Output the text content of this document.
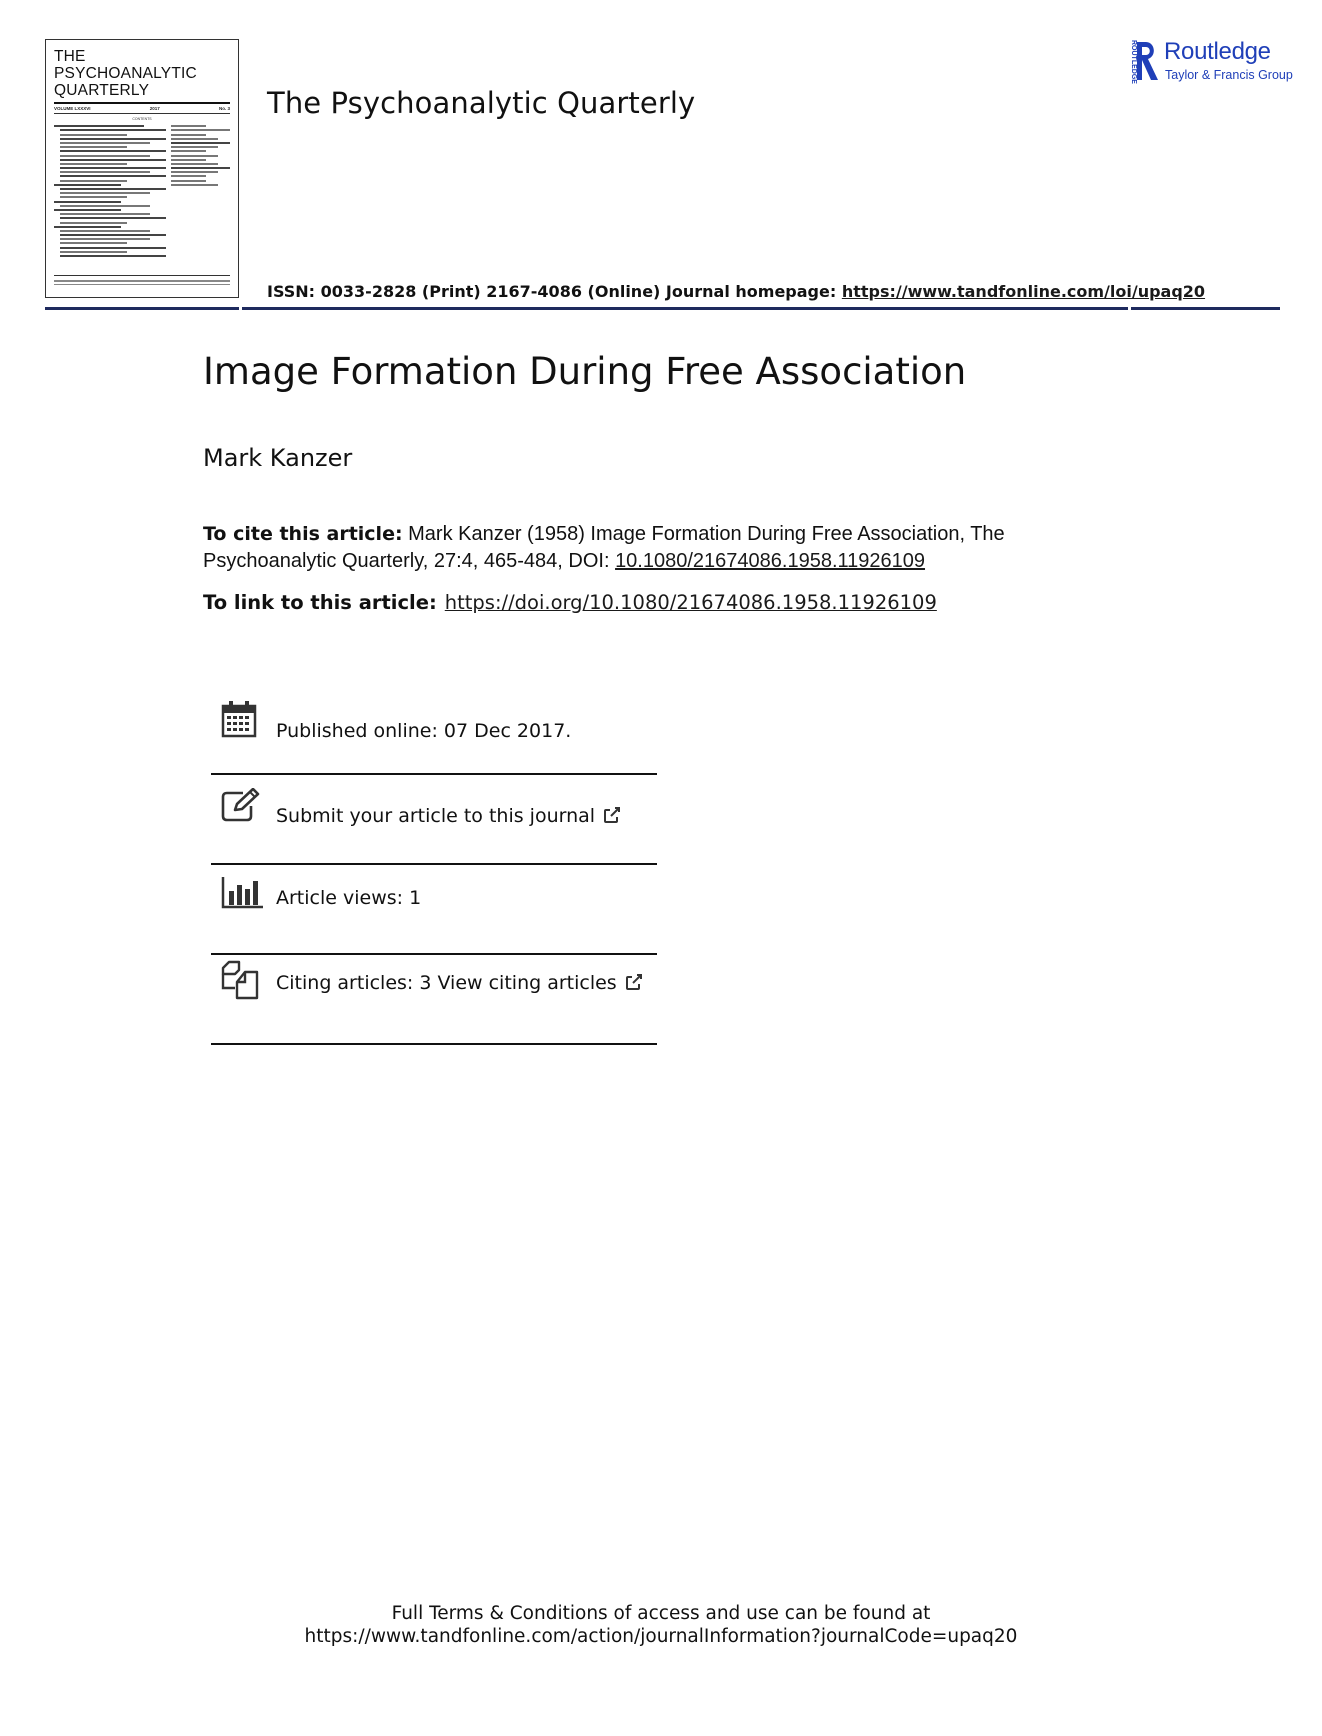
THE
PSYCHOANALYTIC
QUARTERLY
VOLUME LXXXVI	2017	No. 3
CONTENTS	The Psychoanalytic Quarterly
ISSN: 0033-2828 (Print) 2167-4086 (Online) Journal homepage: https://www.tandfonline.com/loi/upaq20
ROUTLEDGE Routledge
Taylor & Francis Group
Image Formation During Free Association
Mark Kanzer
To cite this article: Mark Kanzer (1958) Image Formation During Free Association, The Psychoanalytic Quarterly, 27:4, 465-484, DOI: 10.1080/21674086.1958.11926109
To link to this article: https://doi.org/10.1080/21674086.1958.11926109
Published online: 07 Dec 2017.
Submit your article to this journal
Article views: 1
Citing articles: 3 View citing articles
Full Terms & Conditions of access and use can be found at
https://www.tandfonline.com/action/journalInformation?journalCode=upaq20
